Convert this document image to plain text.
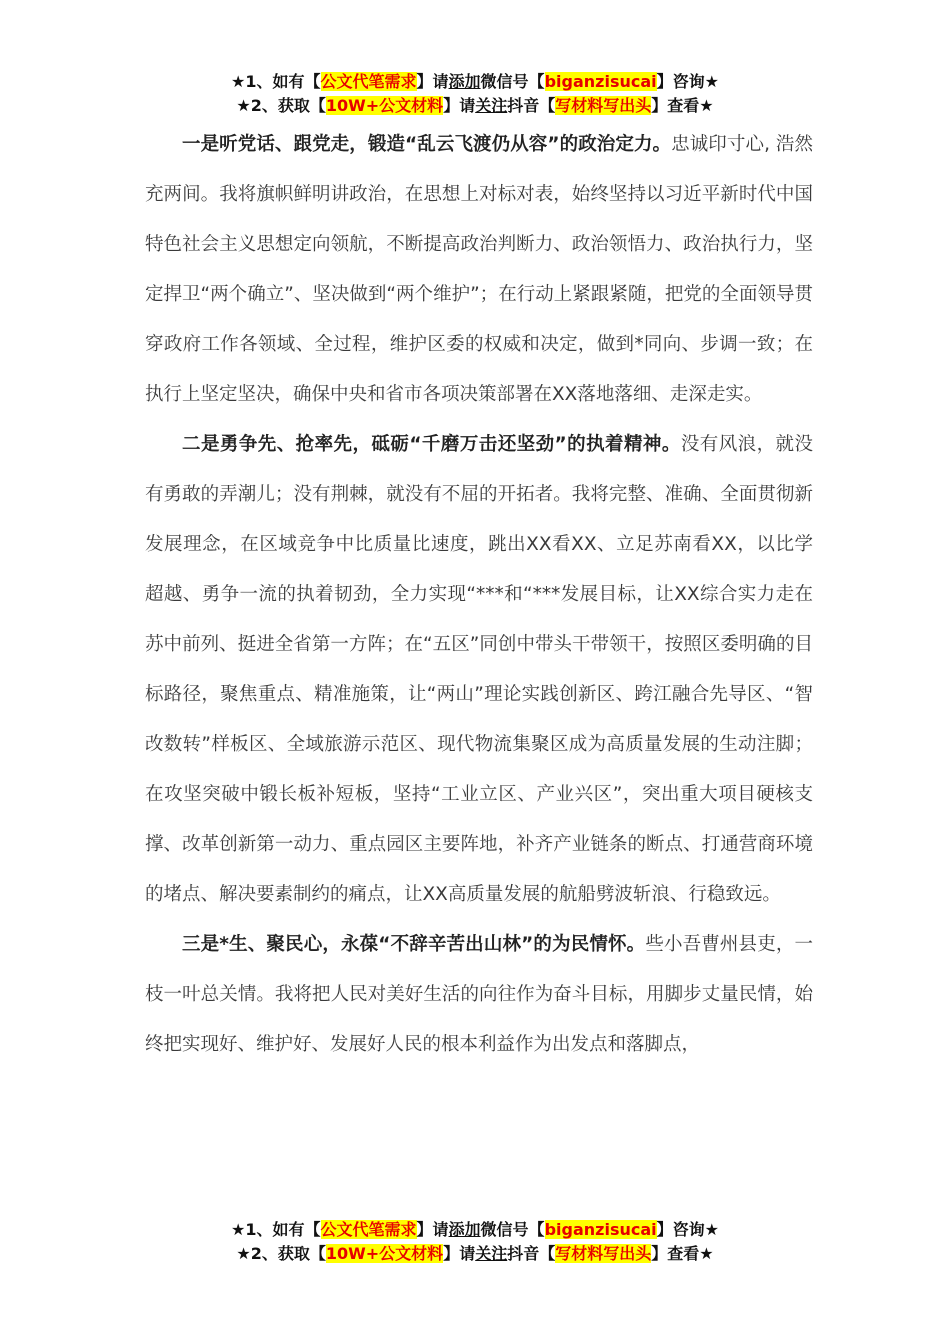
★1、如有【公文代笔需求】请添加微信号【biganzisucai】咨询★
★2、获取【10W+公文材料】请关注抖音【写材料写出头】查看★

一是听党话、跟党走，锻造“乱云飞渡仍从容”的政治定力。忠诚印寸心, 浩然充两间。我将旗帜鲜明讲政治，在思想上对标对表，始终坚持以习近平新时代中国特色社会主义思想定向领航，不断提高政治判断力、政治领悟力、政治执行力，坚定捍卫“两个确立”、坚决做到“两个维护”；在行动上紧跟紧随，把党的全面领导贯穿政府工作各领域、全过程，维护区委的权威和决定，做到*同向、步调一致；在执行上坚定坚决，确保中央和省市各项决策部署在XX落地落细、走深走实。

二是勇争先、抢率先，砥砺“千磨万击还坚劲”的执着精神。没有风浪，就没有勇敢的弄潮儿；没有荆棘，就没有不屈的开拓者。我将完整、准确、全面贯彻新发展理念，在区域竞争中比质量比速度，跳出XX看XX、立足苏南看XX，以比学超越、勇争一流的执着韧劲，全力实现“***和“***发展目标，让XX综合实力走在苏中前列、挺进全省第一方阵；在“五区”同创中带头干带领干，按照区委明确的目标路径，聚焦重点、精准施策，让“两山”理论实践创新区、跨江融合先导区、“智改数转”样板区、全域旅游示范区、现代物流集聚区成为高质量发展的生动注脚；在攻坚突破中锻长板补短板，坚持“工业立区、产业兴区”，突出重大项目硬核支撑、改革创新第一动力、重点园区主要阵地，补齐产业链条的断点、打通营商环境的堵点、解决要素制约的痛点，让XX高质量发展的航船劈波斩浪、行稳致远。

三是*生、聚民心，永葆“不辞辛苦出山林”的为民情怀。些小吾曹州县吏，一枝一叶总关情。我将把人民对美好生活的向往作为奋斗目标，用脚步丈量民情，始终把实现好、维护好、发展好人民的根本利益作为出发点和落脚点，

★1、如有【公文代笔需求】请添加微信号【biganzisucai】咨询★
★2、获取【10W+公文材料】请关注抖音【写材料写出头】查看★
